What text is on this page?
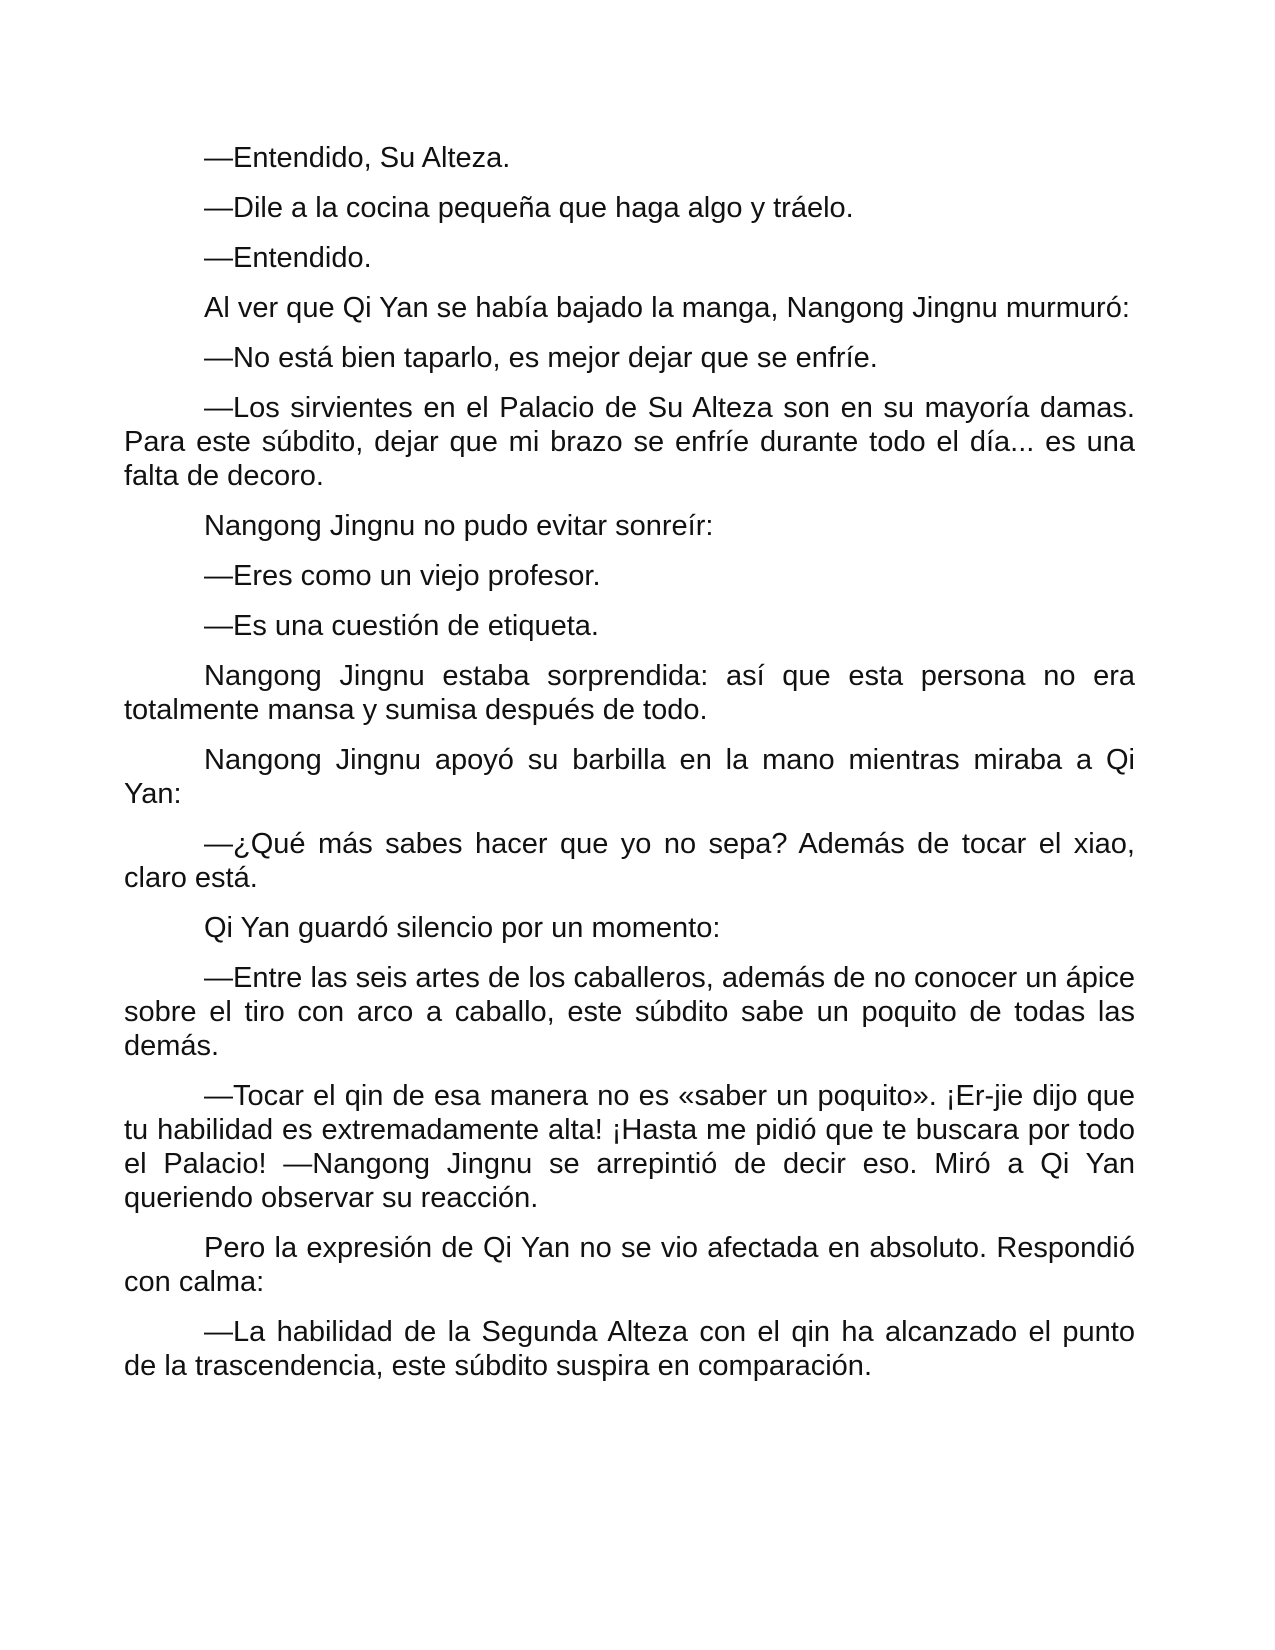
—Entendido, Su Alteza.

—Dile a la cocina pequeña que haga algo y tráelo.

—Entendido.

Al ver que Qi Yan se había bajado la manga, Nangong Jingnu murmuró:

—No está bien taparlo, es mejor dejar que se enfríe.

—Los sirvientes en el Palacio de Su Alteza son en su mayoría damas. Para este súbdito, dejar que mi brazo se enfríe durante todo el día... es una falta de decoro.

Nangong Jingnu no pudo evitar sonreír:

—Eres como un viejo profesor.

—Es una cuestión de etiqueta.

Nangong Jingnu estaba sorprendida: así que esta persona no era totalmente mansa y sumisa después de todo.

Nangong Jingnu apoyó su barbilla en la mano mientras miraba a Qi Yan:

—¿Qué más sabes hacer que yo no sepa? Además de tocar el xiao, claro está.

Qi Yan guardó silencio por un momento:

—Entre las seis artes de los caballeros, además de no conocer un ápice sobre el tiro con arco a caballo, este súbdito sabe un poquito de todas las demás.

—Tocar el qin de esa manera no es «saber un poquito». ¡Er-jie dijo que tu habilidad es extremadamente alta! ¡Hasta me pidió que te buscara por todo el Palacio! —Nangong Jingnu se arrepintió de decir eso. Miró a Qi Yan queriendo observar su reacción.

Pero la expresión de Qi Yan no se vio afectada en absoluto. Respondió con calma:

—La habilidad de la Segunda Alteza con el qin ha alcanzado el punto de la trascendencia, este súbdito suspira en comparación.
